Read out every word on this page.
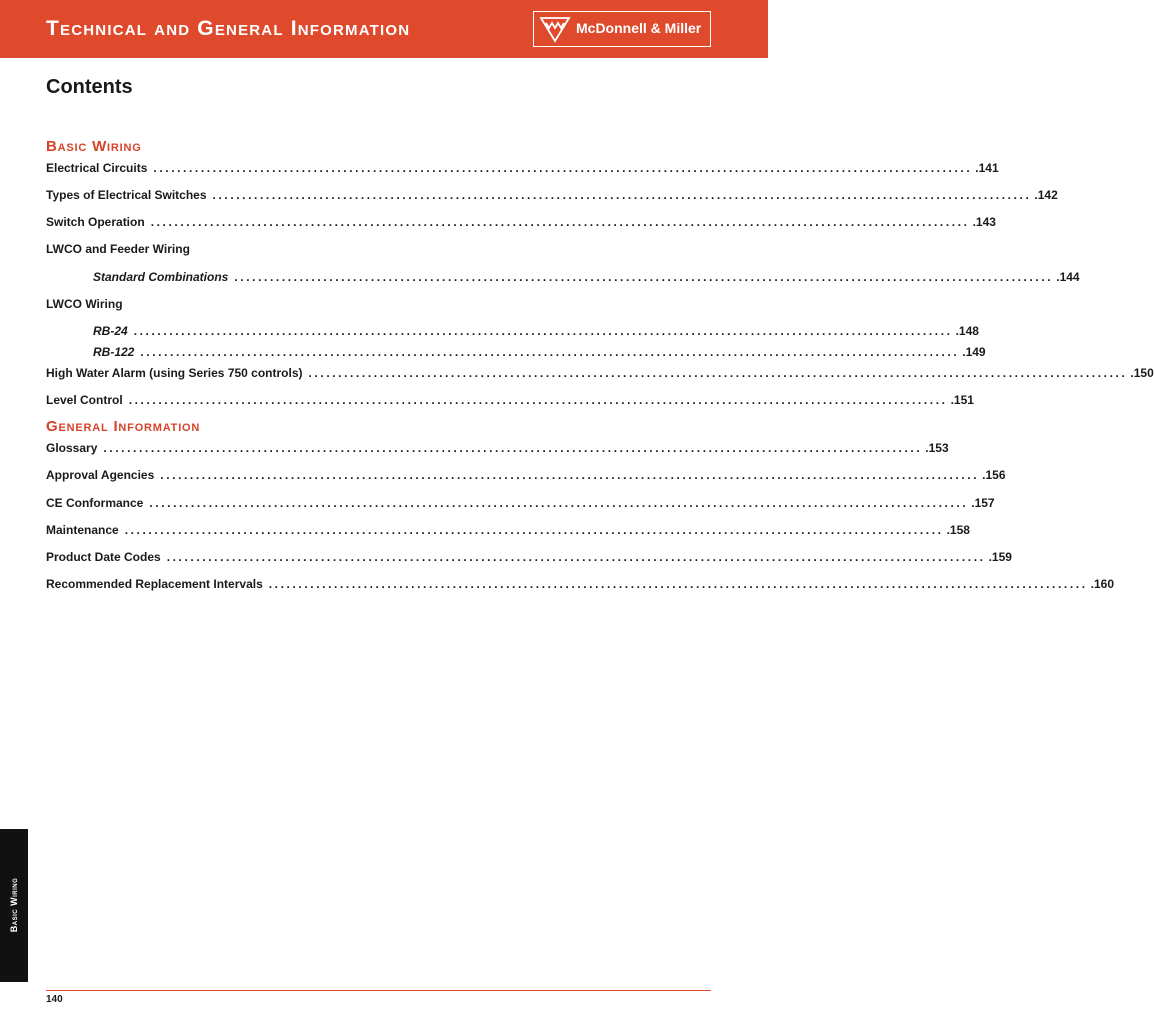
Technical and General Information	McDonnell & Miller
Contents
Basic Wiring
Electrical Circuits .......................................................................................................................................... .141
Types of Electrical Switches .......................................................................................................................................... .142
Switch Operation .......................................................................................................................................... .143
LWCO and Feeder Wiring
Standard Combinations .......................................................................................................................................... .144
LWCO Wiring
RB-24 .......................................................................................................................................... .148
RB-122 .......................................................................................................................................... .149
High Water Alarm (using Series 750 controls) .......................................................................................................................................... .150
Level Control .......................................................................................................................................... .151
General Information
Glossary .......................................................................................................................................... .153
Approval Agencies .......................................................................................................................................... .156
CE Conformance .......................................................................................................................................... .157
Maintenance .......................................................................................................................................... .158
Product Date Codes .......................................................................................................................................... .159
Recommended Replacement Intervals .......................................................................................................................................... .160
Basic Wiring
140
